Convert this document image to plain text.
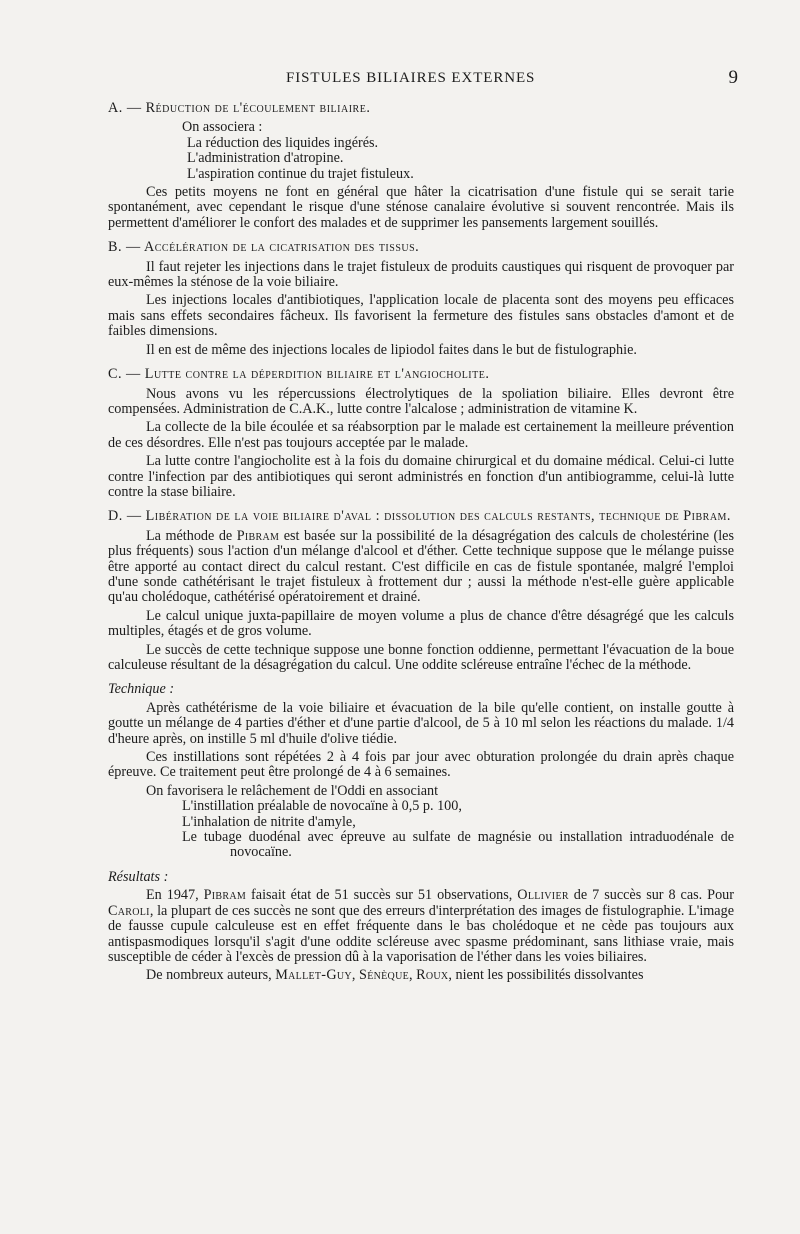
FISTULES BILIAIRES EXTERNES	9

A. — Réduction de l'écoulement biliaire.

On associera :

La réduction des liquides ingérés.

L'administration d'atropine.

L'aspiration continue du trajet fistuleux.

Ces petits moyens ne font en général que hâter la cicatrisation d'une fistule qui se serait tarie spontanément, avec cependant le risque d'une sténose canalaire évolutive si souvent rencontrée. Mais ils permettent d'améliorer le confort des malades et de supprimer les pansements largement souillés.

B. — Accélération de la cicatrisation des tissus.

Il faut rejeter les injections dans le trajet fistuleux de produits caustiques qui risquent de provoquer par eux-mêmes la sténose de la voie biliaire.

Les injections locales d'antibiotiques, l'application locale de placenta sont des moyens peu efficaces mais sans effets secondaires fâcheux. Ils favorisent la fermeture des fistules sans obstacles d'amont et de faibles dimensions.

Il en est de même des injections locales de lipiodol faites dans le but de fistulographie.

C. — Lutte contre la déperdition biliaire et l'angiocholite.

Nous avons vu les répercussions électrolytiques de la spoliation biliaire. Elles devront être compensées. Administration de C.A.K., lutte contre l'alcalose ; administration de vitamine K.

La collecte de la bile écoulée et sa réabsorption par le malade est certainement la meilleure prévention de ces désordres. Elle n'est pas toujours acceptée par le malade.

La lutte contre l'angiocholite est à la fois du domaine chirurgical et du domaine médical. Celui-ci lutte contre l'infection par des antibiotiques qui seront administrés en fonction d'un antibiogramme, celui-là lutte contre la stase biliaire.

D. — Libération de la voie biliaire d'aval : dissolution des calculs restants, technique de Pibram.

La méthode de Pibram est basée sur la possibilité de la désagrégation des calculs de cholestérine (les plus fréquents) sous l'action d'un mélange d'alcool et d'éther. Cette technique suppose que le mélange puisse être apporté au contact direct du calcul restant. C'est difficile en cas de fistule spontanée, malgré l'emploi d'une sonde cathétérisant le trajet fistuleux à frottement dur ; aussi la méthode n'est-elle guère applicable qu'au cholédoque, cathétérisé opératoirement et drainé.

Le calcul unique juxta-papillaire de moyen volume a plus de chance d'être désagrégé que les calculs multiples, étagés et de gros volume.

Le succès de cette technique suppose une bonne fonction oddienne, permettant l'évacuation de la boue calculeuse résultant de la désagrégation du calcul. Une oddite scléreuse entraîne l'échec de la méthode.

Technique :

Après cathétérisme de la voie biliaire et évacuation de la bile qu'elle contient, on installe goutte à goutte un mélange de 4 parties d'éther et d'une partie d'alcool, de 5 à 10 ml selon les réactions du malade. 1/4 d'heure après, on instille 5 ml d'huile d'olive tiédie.

Ces instillations sont répétées 2 à 4 fois par jour avec obturation prolongée du drain après chaque épreuve. Ce traitement peut être prolongé de 4 à 6 semaines.

On favorisera le relâchement de l'Oddi en associant

L'instillation préalable de novocaïne à 0,5 p. 100,

L'inhalation de nitrite d'amyle,

Le tubage duodénal avec épreuve au sulfate de magnésie ou installation intraduodénale de novocaïne.

Résultats :

En 1947, Pibram faisait état de 51 succès sur 51 observations, Ollivier de 7 succès sur 8 cas. Pour Caroli, la plupart de ces succès ne sont que des erreurs d'interprétation des images de fistulographie. L'image de fausse cupule calculeuse est en effet fréquente dans le bas cholédoque et ne cède pas toujours aux antispasmodiques lorsqu'il s'agit d'une oddite scléreuse avec spasme prédominant, sans lithiase vraie, mais susceptible de céder à l'excès de pression dû à la vaporisation de l'éther dans les voies biliaires.

De nombreux auteurs, Mallet-Guy, Sénèque, Roux, nient les possibilités dissolvantes
